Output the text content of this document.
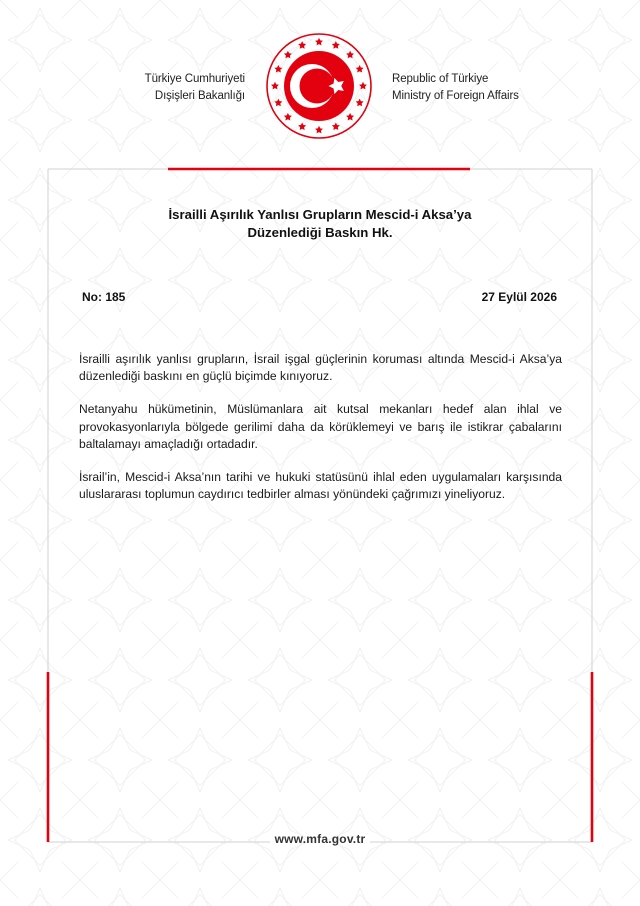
Türkiye Cumhuriyeti
Dışişleri Bakanlığı
Republic of Türkiye
Ministry of Foreign Affairs
İsrailli Aşırılık Yanlısı Grupların Mescid-i Aksa’ya
Düzenlediği Baskın Hk.
No: 185	27 Eylül 2026

İsrailli aşırılık yanlısı grupların, İsrail işgal güçlerinin koruması altında Mescid-i Aksa’ya düzenlediği baskını en güçlü biçimde kınıyoruz.

Netanyahu hükümetinin, Müslümanlara ait kutsal mekanları hedef alan ihlal ve provokasyonlarıyla bölgede gerilimi daha da körüklemeyi ve barış ile istikrar çabalarını baltalamayı amaçladığı ortadadır.

İsrail’in, Mescid-i Aksa’nın tarihi ve hukuki statüsünü ihlal eden uygulamaları karşısında uluslararası toplumun caydırıcı tedbirler alması yönündeki çağrımızı yineliyoruz.

www.mfa.gov.tr
